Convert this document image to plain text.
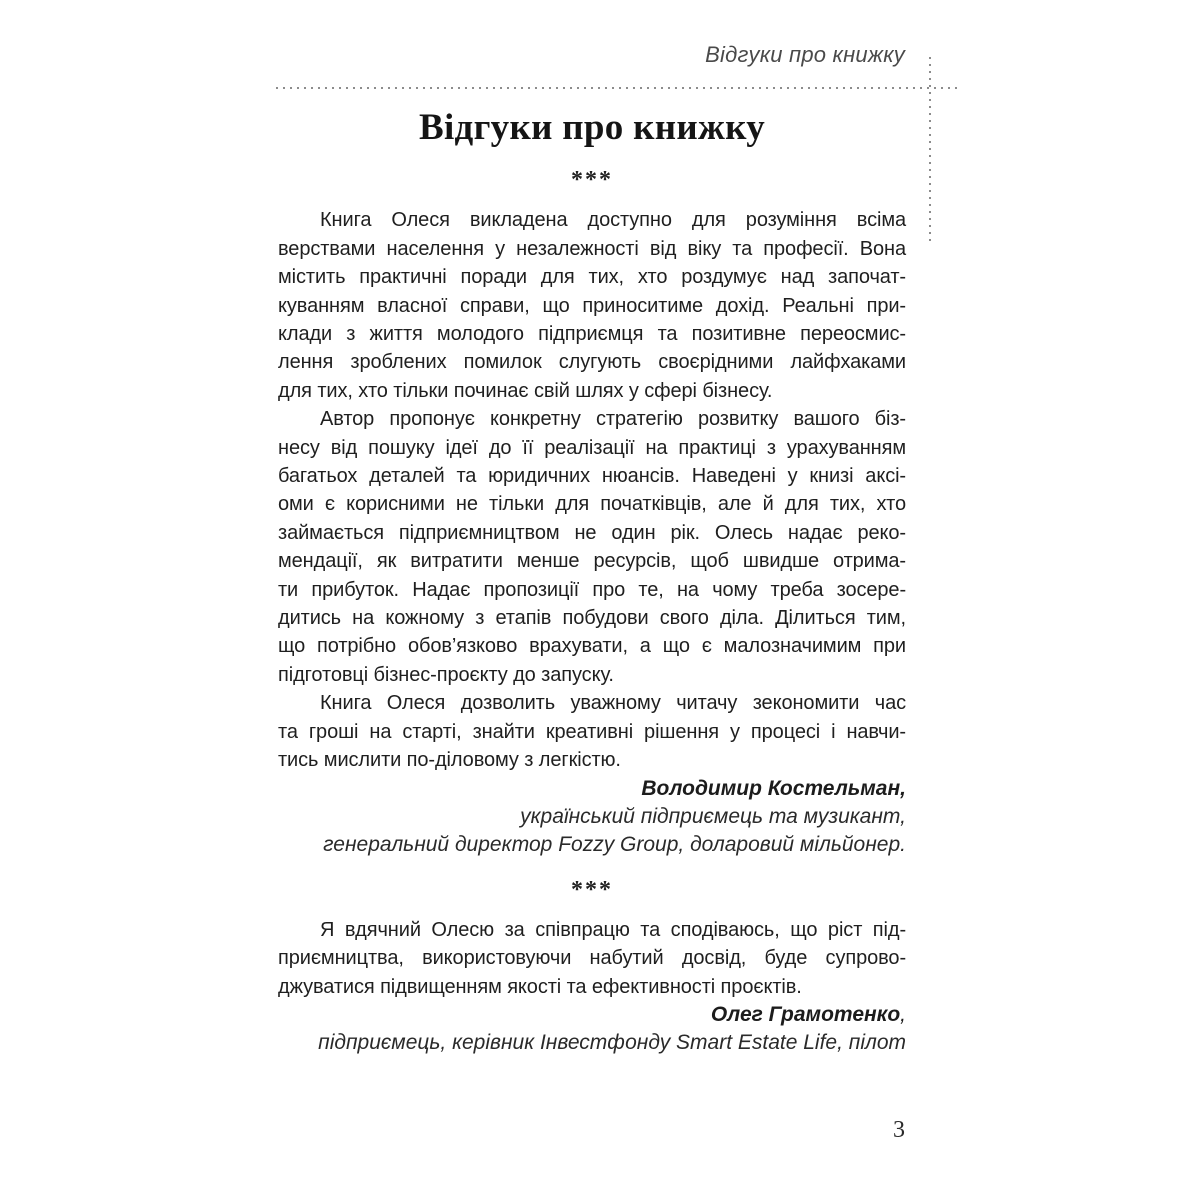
Відгуки про книжку
Відгуки про книжку
***
Книга Олеся викладена доступно для розуміння всіма
верствами населення у незалежності від віку та професії. Вона
містить практичні поради для тих, хто роздумує над започат-
куванням власної справи, що приноситиме дохід. Реальні при-
клади з життя молодого підприємця та позитивне переосмис-
лення зроблених помилок слугують своєрідними лайфхаками
для тих, хто тільки починає свій шлях у сфері бізнесу.
Автор пропонує конкретну стратегію розвитку вашого біз-
несу від пошуку ідеї до її реалізації на практиці з урахуванням
багатьох деталей та юридичних нюансів. Наведені у книзі аксі-
оми є корисними не тільки для початківців, але й для тих, хто
займається підприємництвом не один рік. Олесь надає реко-
мендації, як витратити менше ресурсів, щоб швидше отрима-
ти прибуток. Надає пропозиції про те, на чому треба зосере-
дитись на кожному з етапів побудови свого діла. Ділиться тим,
що потрібно обов’язково врахувати, а що є малозначимим при
підготовці бізнес-проєкту до запуску.
Книга Олеся дозволить уважному читачу зекономити час
та гроші на старті, знайти креативні рішення у процесі і навчи-
тись мислити по-діловому з легкістю.
Володимир Костельман,
український підприємець та музикант,
генеральний директор Fozzy Group, доларовий мільйонер.
***
Я вдячний Олесю за співпрацю та сподіваюсь, що ріст під-
приємництва, використовуючи набутий досвід, буде супрово-
джуватися підвищенням якості та ефективності проєктів.
Олег Грамотенко,
підприємець, керівник Інвестфонду Smart Estate Life, пілот
3
